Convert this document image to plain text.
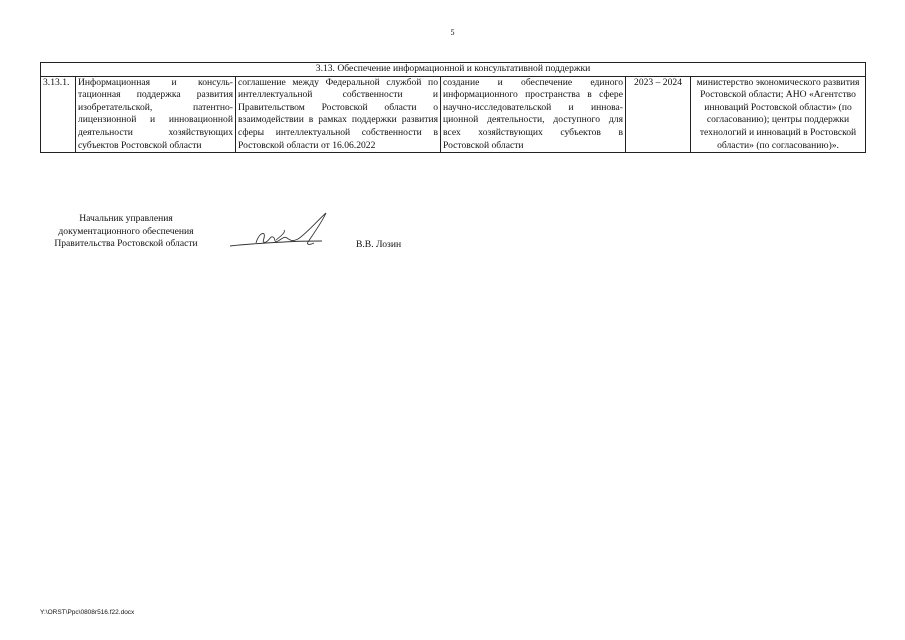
5
3.13. Обеспечение информационной и консультативной поддержки
3.13.1.	Информационная и консуль-тационная поддержка развития изобретательской, патентно-лицензионной и инновационной деятельности хозяйствующих субъектов Ростовской области	соглашение между Федеральной службой по интеллектуальной собственности и Правительством Ростовской области о взаимодействии в рамках поддержки развития сферы интеллектуальной собственности в Ростовской области от 16.06.2022	создание и обеспечение единого информационного пространства в сфере научно-исследовательской и иннова-ционной деятельности, доступного для всех хозяйствующих субъектов в Ростовской области	2023 – 2024	министерство экономического развития Ростовской области; АНО «Агентство инноваций Ростовской области» (по согласованию); центры поддержки технологий и инноваций в Ростовской области» (по согласованию)».
Начальник управления документационного обеспечения Правительства Ростовской области	В.В. Лозин
Y:\ORST\Ppc\0808r516.f22.docx
